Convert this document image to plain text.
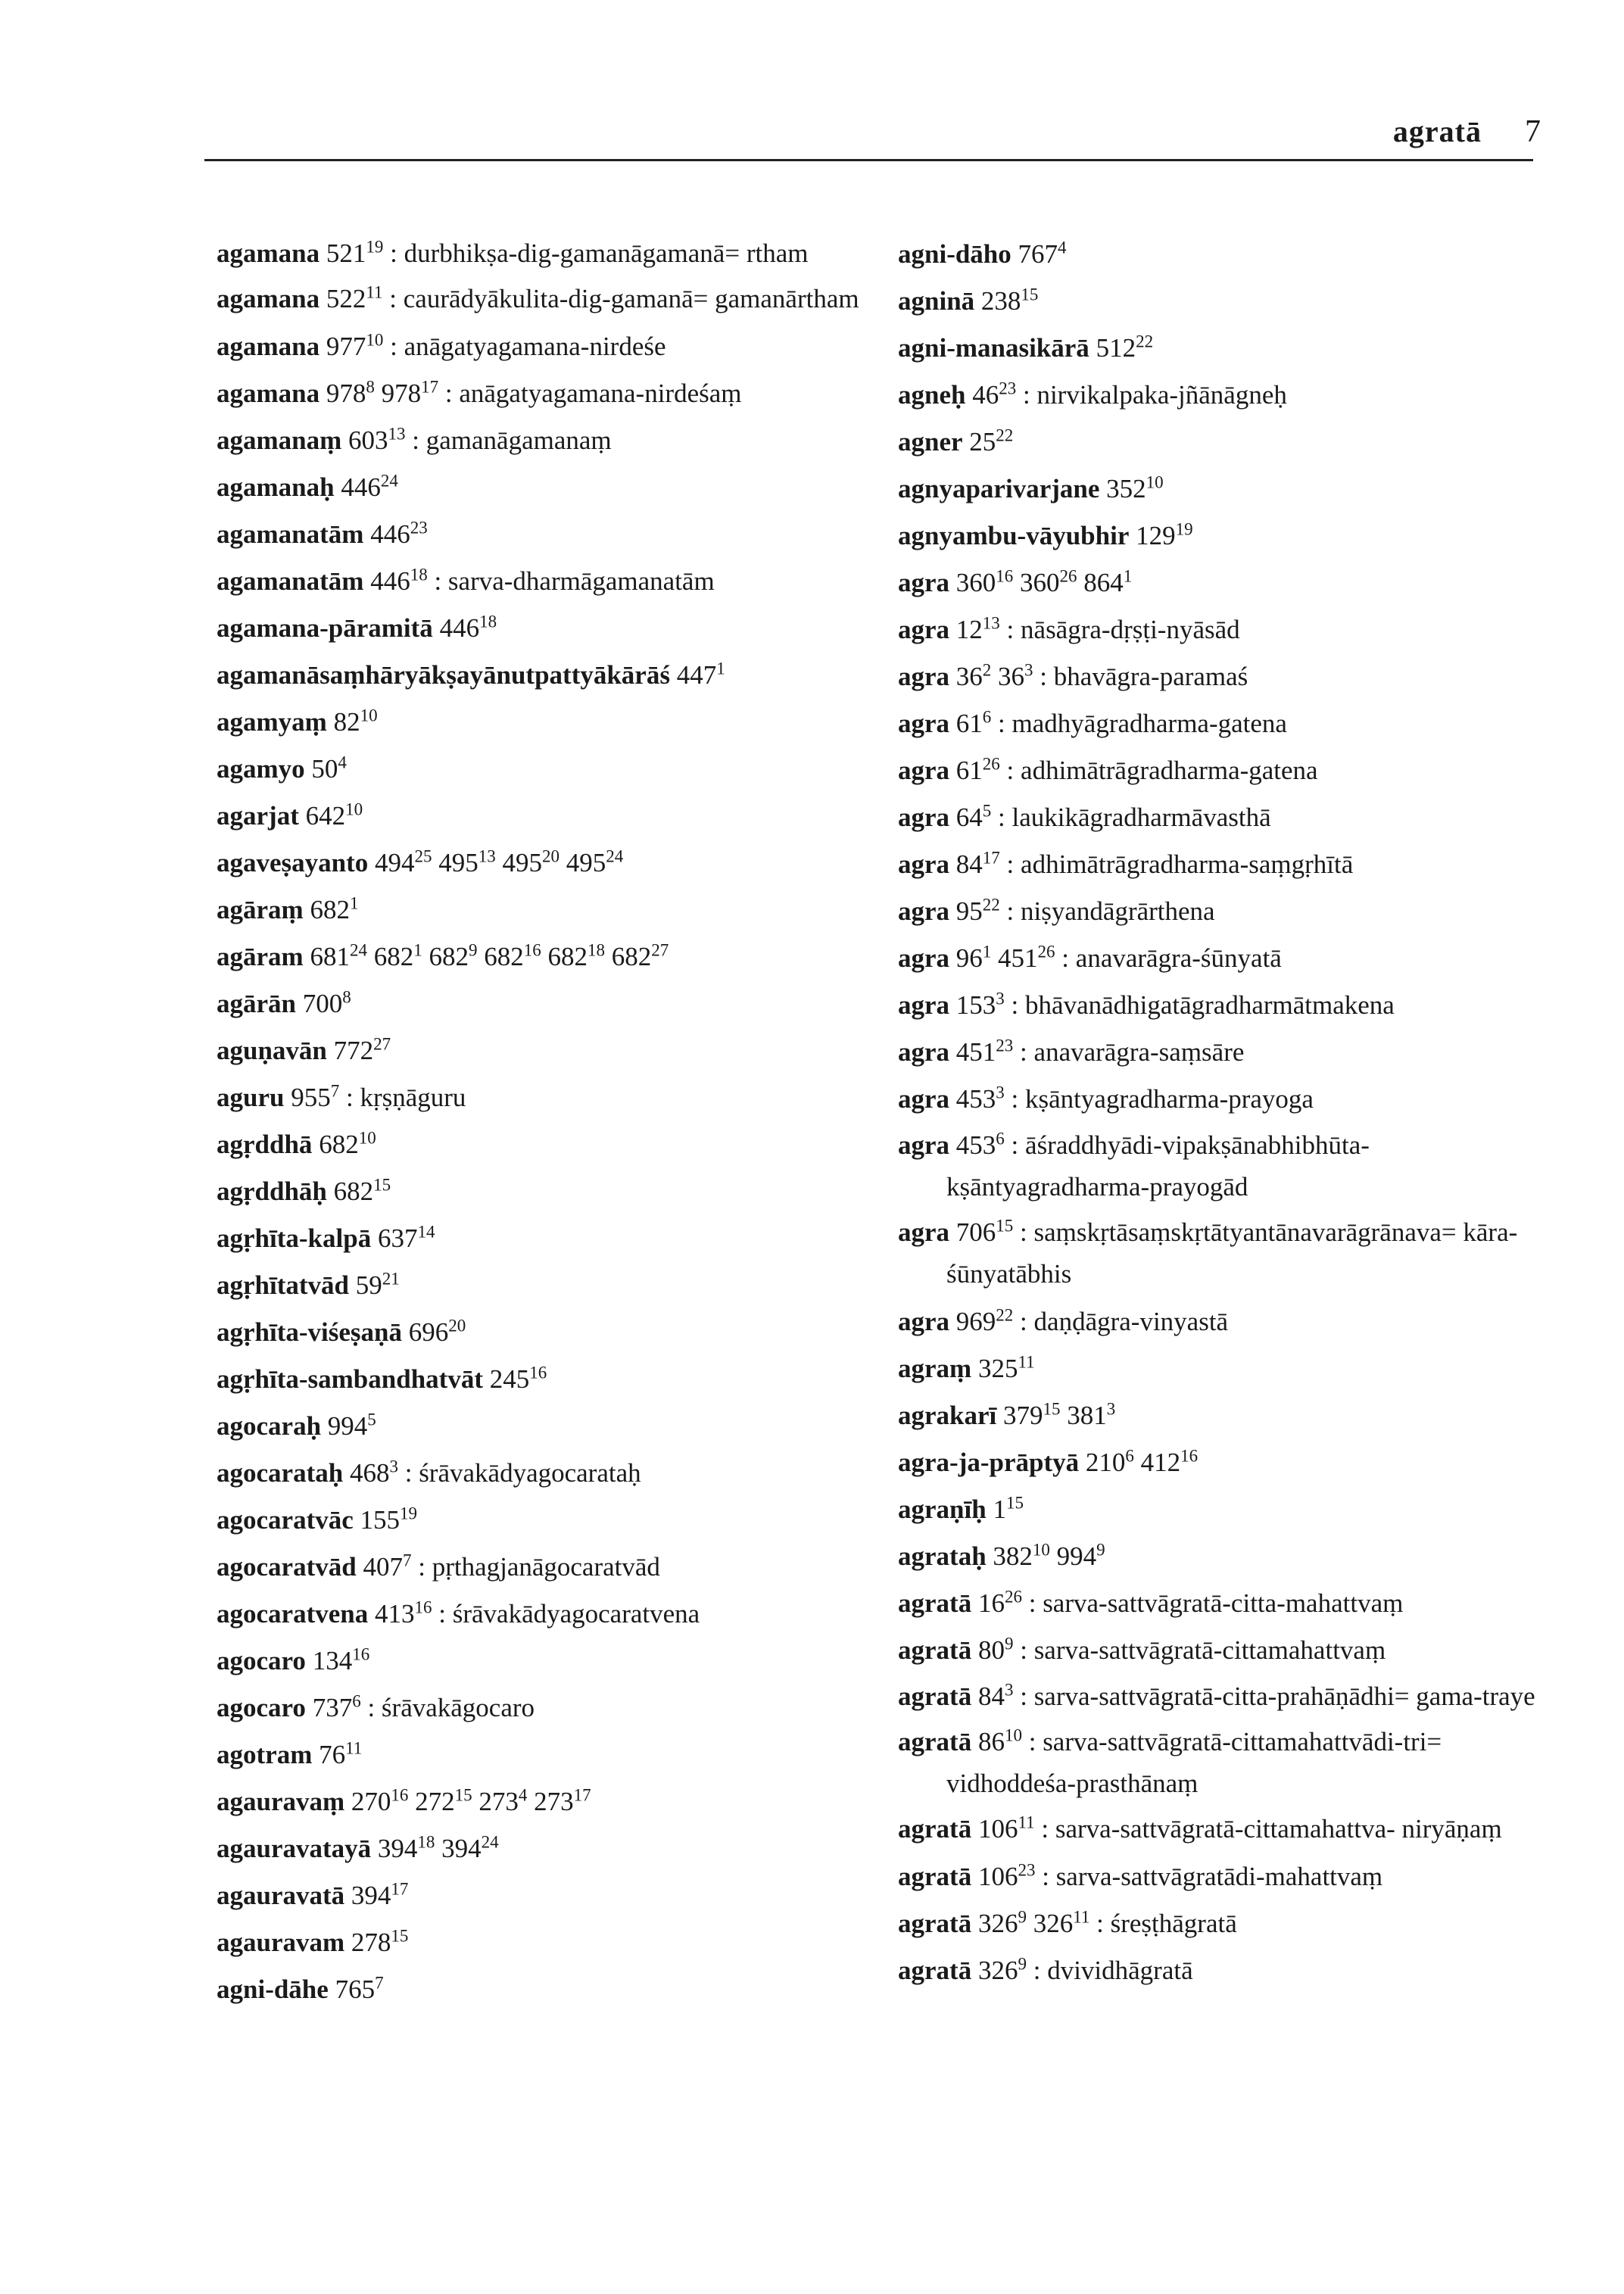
agratā 7
agamana $521^{19}$ : durbhikṣa-dig-gamanāgamanā= rtham
agamana $522^{11}$ : caurādyākulita-dig-gamanā= gamanārtham
agamana $977^{10}$ : anāgatyagamana-nirdeśe
agamana $978^8$ $978^{17}$ : anāgatyagamana-nirdeśaṃ
agamanaṃ $603^{13}$ : gamanāgamanaṃ
agamanaḥ $446^{24}$
agamanatām $446^{23}$
agamanatām $446^{18}$ : sarva-dharmāgamanatām
agamana-pāramitā $446^{18}$
agamanāsaṃhāryākṣayānutpattyākārāś $447^1$
agamyaṃ $82^{10}$
agamyo $50^4$
agarjat $642^{10}$
agaveṣayanto $494^{25}$ $495^{13}$ $495^{20}$ $495^{24}$
agāraṃ $682^1$
agāram $681^{24}$ $682^1$ $682^9$ $682^{16}$ $682^{18}$ $682^{27}$
agārān $700^8$
aguṇavān $772^{27}$
aguru $955^7$ : kṛṣṇāguru
agṛddhā $682^{10}$
agṛddhāḥ $682^{15}$
agṛhīta-kalpā $637^{14}$
agṛhītatvād $59^{21}$
agṛhīta-viśeṣaṇā $696^{20}$
agṛhīta-sambandhatvāt $245^{16}$
agocaraḥ $994^5$
agocarataḥ $468^3$ : śrāvakādyagocarataḥ
agocaratvāc $155^{19}$
agocaratvād $407^7$ : pṛthagjanāgocaratvād
agocaratvena $413^{16}$ : śrāvakādyagocaratvena
agocaro $134^{16}$
agocaro $737^6$ : śrāvakāgocaro
agotram $76^{11}$
agauravaṃ $270^{16}$ $272^{15}$ $273^4$ $273^{17}$
agauravatayā $394^{18}$ $394^{24}$
agauravatā $394^{17}$
agauravam $278^{15}$
agni-dāhe $765^7$
agni-dāho $767^4$
agninā $238^{15}$
agni-manasikārā $512^{22}$
agneḥ $46^{23}$ : nirvikalpaka-jñānāgneḥ
agner $25^{22}$
agnyaparivarjane $352^{10}$
agnyambu-vāyubhir $129^{19}$
agra $360^{16}$ $360^{26}$ $864^1$
agra $12^{13}$ : nāsāgra-dṛṣṭi-nyāsād
agra $36^2$ $36^3$ : bhavāgra-paramaś
agra $61^6$ : madhyāgradharma-gatena
agra $61^{26}$ : adhimātrāgradharma-gatena
agra $64^5$ : laukikāgradharmāvasthā
agra $84^{17}$ : adhimātrāgradharma-saṃgṛhītā
agra $95^{22}$ : niṣyandāgrārthena
agra $96^1$ $451^{26}$ : anavarāgra-śūnyatā
agra $153^3$ : bhāvanādhigatāgradharmātmakena
agra $451^{23}$ : anavarāgra-saṃsāre
agra $453^3$ : kṣāntyagradharma-prayoga
agra $453^6$ : āśraddhyādi-vipakṣānabhibhūta- kṣāntyagradharma-prayogād
agra $706^{15}$ : saṃskṛtāsaṃskṛtātyantānavarāgrānava= kāra-śūnyatābhis
agra $969^{22}$ : daṇḍāgra-vinyastā
agraṃ $325^{11}$
agrakarī $379^{15}$ $381^3$
agra-ja-prāptyā $210^6$ $412^{16}$
agraṇīḥ $1^{15}$
agrataḥ $382^{10}$ $994^9$
agratā $16^{26}$ : sarva-sattvāgratā-citta-mahattvaṃ
agratā $80^9$ : sarva-sattvāgratā-cittamahattvaṃ
agratā $84^3$ : sarva-sattvāgratā-citta-prahāṇādhi= gama-traye
agratā $86^{10}$ : sarva-sattvāgratā-cittamahattvādi-tri= vidhoddeśa-prasthānaṃ
agratā $106^{11}$ : sarva-sattvāgratā-cittamahattva- niryāṇaṃ
agratā $106^{23}$ : sarva-sattvāgratādi-mahattvaṃ
agratā $326^9$ $326^{11}$ : śreṣṭhāgratā
agratā $326^9$ : dvividhāgratā
